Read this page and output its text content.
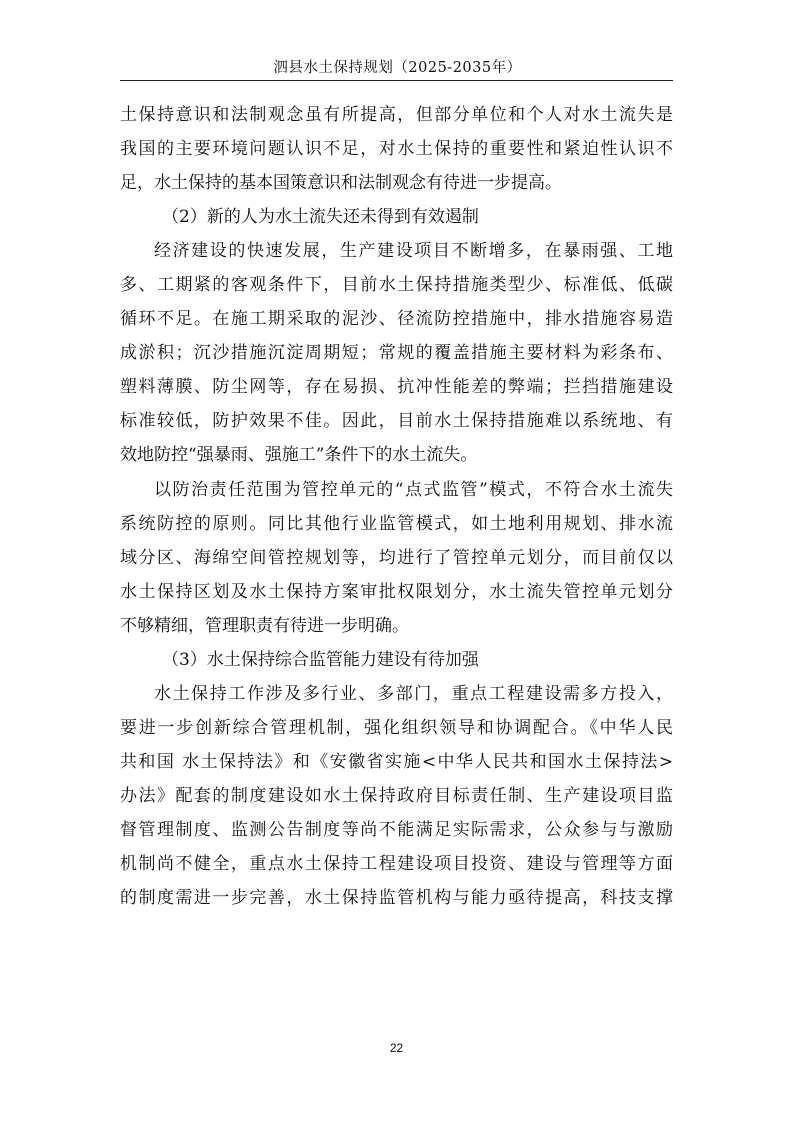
泗县水土保持规划（2025-2035年）
土保持意识和法制观念虽有所提高，但部分单位和个人对水土流失是
我国的主要环境问题认识不足，对水土保持的重要性和紧迫性认识不
足，水土保持的基本国策意识和法制观念有待进一步提高。
（2）新的人为水土流失还未得到有效遏制
经济建设的快速发展，生产建设项目不断增多，在暴雨强、工地
多、工期紧的客观条件下，目前水土保持措施类型少、标准低、低碳
循环不足。在施工期采取的泥沙、径流防控措施中，排水措施容易造
成淤积；沉沙措施沉淀周期短；常规的覆盖措施主要材料为彩条布、
塑料薄膜、防尘网等，存在易损、抗冲性能差的弊端；拦挡措施建设
标准较低，防护效果不佳。因此，目前水土保持措施难以系统地、有
效地防控“强暴雨、强施工”条件下的水土流失。
以防治责任范围为管控单元的“点式监管”模式，不符合水土流失
系统防控的原则。同比其他行业监管模式，如土地利用规划、排水流
域分区、海绵空间管控规划等，均进行了管控单元划分，而目前仅以
水土保持区划及水土保持方案审批权限划分，水土流失管控单元划分
不够精细，管理职责有待进一步明确。
（3）水土保持综合监管能力建设有待加强
水土保持工作涉及多行业、多部门，重点工程建设需多方投入，
要进一步创新综合管理机制，强化组织领导和协调配合。《中华人民
共和国 水土保持法》和《安徽省实施<中华人民共和国水土保持法>
办法》配套的制度建设如水土保持政府目标责任制、生产建设项目监
督管理制度、监测公告制度等尚不能满足实际需求，公众参与与激励
机制尚不健全，重点水土保持工程建设项目投资、建设与管理等方面
的制度需进一步完善，水土保持监管机构与能力亟待提高，科技支撑
22
